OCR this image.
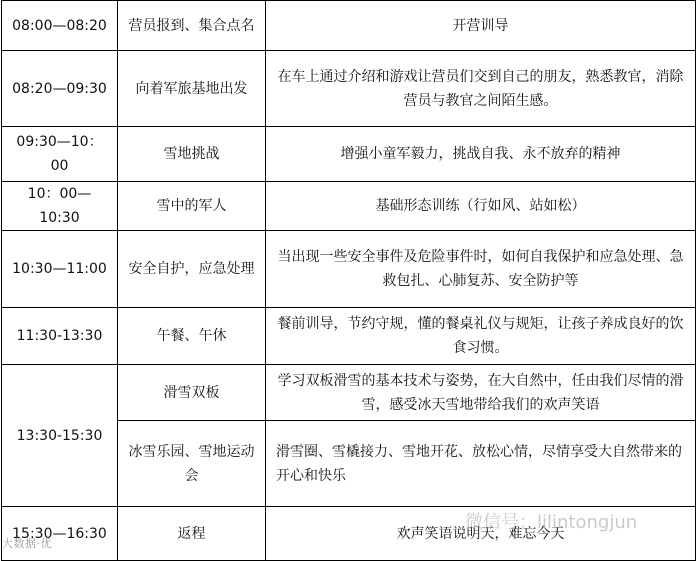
08:00—08:20	营员报到、集合点名	开营训导
08:20—09:30	向着军旅基地出发	在车上通过介绍和游戏让营员们交到自己的朋友，熟悉教官，消除营员与教官之间陌生感。
09:30—10：00	雪地挑战	增强小童军毅力，挑战自我、永不放弃的精神
10：00—10:30	雪中的军人	基础形态训练（行如风、站如松）
10:30—11:00	安全自护，应急处理	当出现一些安全事件及危险事件时，如何自我保护和应急处理、急救包扎、心肺复苏、安全防护等
11:30-13:30	午餐、午休	餐前训导，节约守规，懂的餐桌礼仪与规矩，让孩子养成良好的饮食习惯。
13:30-15:30	滑雪双板	学习双板滑雪的基本技术与姿势，在大自然中，任由我们尽情的滑雪，感受冰天雪地带给我们的欢声笑语
	冰雪乐园、雪地运动会	滑雪圈、雪橇接力、雪地开花、放松心情，尽情享受大自然带来的开心和快乐
15:30—16:30	返程	欢声笑语说明天，难忘今天
大数据·优
微信号：lilintongjun
